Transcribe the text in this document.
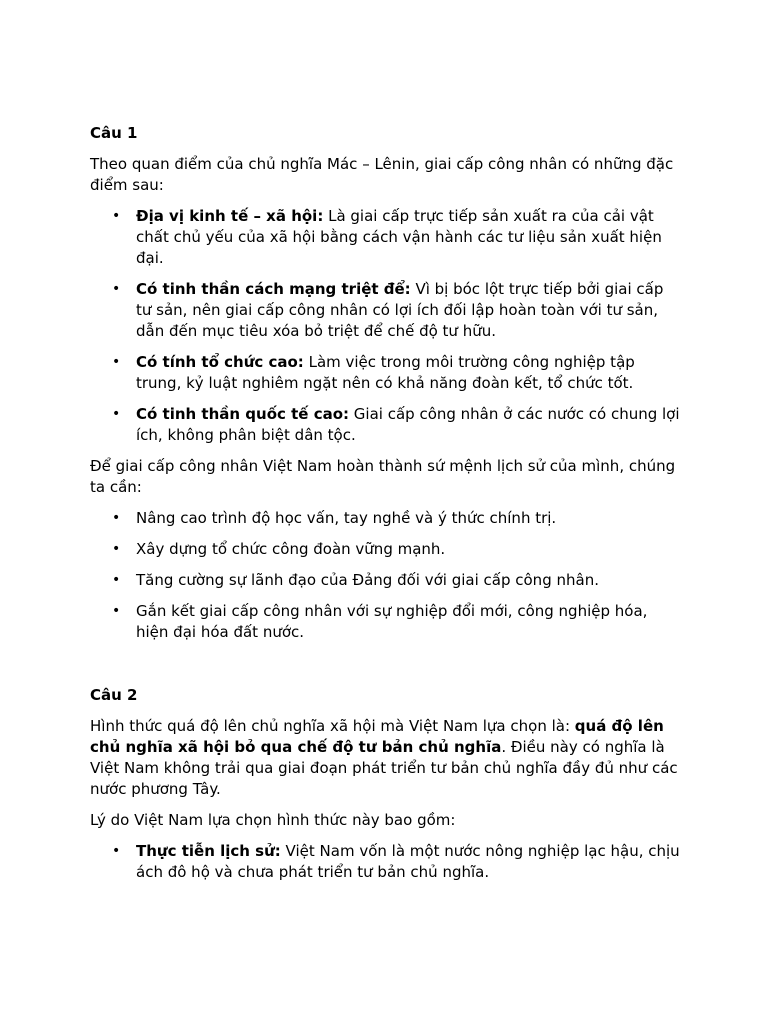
Câu 1
Theo quan điểm của chủ nghĩa Mác – Lênin, giai cấp công nhân có những đặc điểm sau:
• Địa vị kinh tế – xã hội: Là giai cấp trực tiếp sản xuất ra của cải vật chất chủ yếu của xã hội bằng cách vận hành các tư liệu sản xuất hiện đại.
• Có tinh thần cách mạng triệt để: Vì bị bóc lột trực tiếp bởi giai cấp tư sản, nên giai cấp công nhân có lợi ích đối lập hoàn toàn với tư sản, dẫn đến mục tiêu xóa bỏ triệt để chế độ tư hữu.
• Có tính tổ chức cao: Làm việc trong môi trường công nghiệp tập trung, kỷ luật nghiêm ngặt nên có khả năng đoàn kết, tổ chức tốt.
• Có tinh thần quốc tế cao: Giai cấp công nhân ở các nước có chung lợi ích, không phân biệt dân tộc.
Để giai cấp công nhân Việt Nam hoàn thành sứ mệnh lịch sử của mình, chúng ta cần:
• Nâng cao trình độ học vấn, tay nghề và ý thức chính trị.
• Xây dựng tổ chức công đoàn vững mạnh.
• Tăng cường sự lãnh đạo của Đảng đối với giai cấp công nhân.
• Gắn kết giai cấp công nhân với sự nghiệp đổi mới, công nghiệp hóa, hiện đại hóa đất nước.
Câu 2
Hình thức quá độ lên chủ nghĩa xã hội mà Việt Nam lựa chọn là: quá độ lên chủ nghĩa xã hội bỏ qua chế độ tư bản chủ nghĩa. Điều này có nghĩa là Việt Nam không trải qua giai đoạn phát triển tư bản chủ nghĩa đầy đủ như các nước phương Tây.
Lý do Việt Nam lựa chọn hình thức này bao gồm:
• Thực tiễn lịch sử: Việt Nam vốn là một nước nông nghiệp lạc hậu, chịu ách đô hộ và chưa phát triển tư bản chủ nghĩa.
